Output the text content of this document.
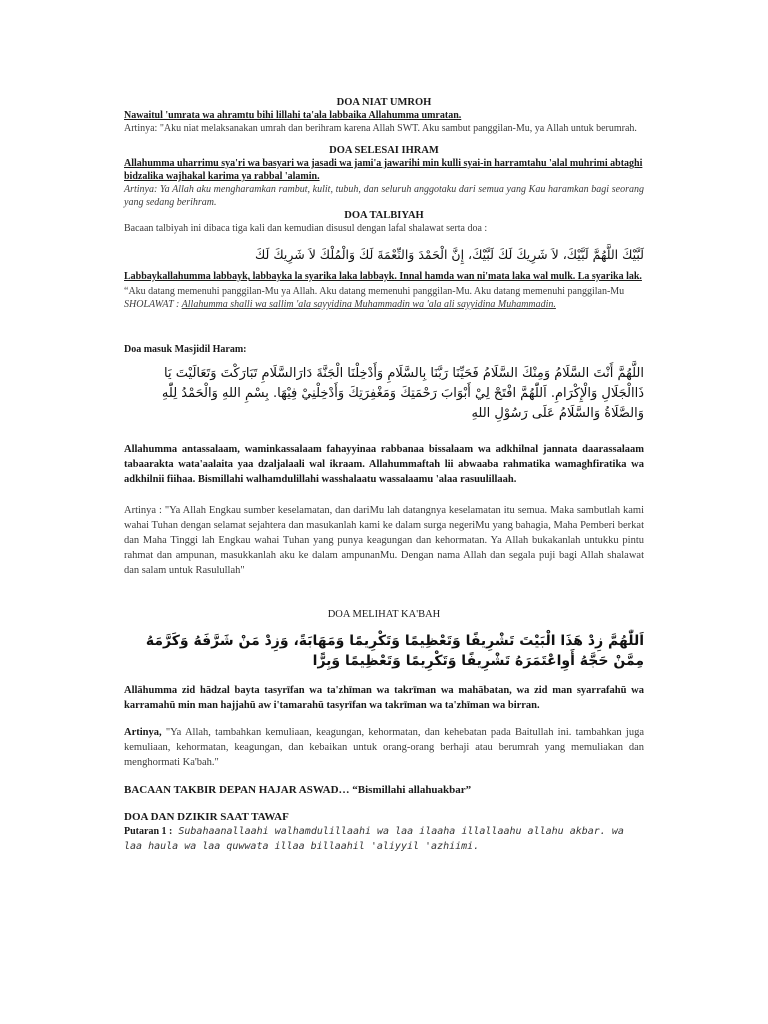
DOA NIAT UMROH

Nawaitul 'umrata wa ahramtu bihi lillahi ta'ala labbaika Allahumma umratan.

Artinya: "Aku niat melaksanakan umrah dan berihram karena Allah SWT. Aku sambut panggilan-Mu, ya Allah untuk berumrah.

DOA SELESAI IHRAM

Allahumma uharrimu sya'ri wa basyari wa jasadi wa jami'a jawarihi min kulli syai-in harramtahu 'alal muhrimi abtaghi bidzalika wajhakal karima ya rabbal 'alamin.

Artinya: Ya Allah aku mengharamkan rambut, kulit, tubuh, dan seluruh anggotaku dari semua yang Kau haramkan bagi seorang yang sedang berihram.

DOA TALBIYAH

Bacaan talbiyah ini dibaca tiga kali dan kemudian disusul dengan lafal shalawat serta doa :

لَبَّيْكَ اللَّهُمَّ لَبَّيْكَ، لاَ شَرِيكَ لَكَ لَبَّيْكَ، إِنَّ الْحَمْدَ وَالنِّعْمَةَ لَكَ وَالْمُلْكَ لاَ شَرِيكَ لَكَ

Labbaykallahumma labbayk, labbayka la syarika laka labbayk. Innal hamda wan ni'mata laka wal mulk. La syarika lak.

“Aku datang memenuhi panggilan-Mu ya Allah. Aku datang memenuhi panggilan-Mu. Aku datang memenuhi panggilan-Mu

SHOLAWAT : Allahumma shalli wa sallim 'ala sayyidina Muhammadin wa 'ala ali sayyidina Muhammadin.

Doa masuk Masjidil Haram:

اللَّهُمَّ أَنْتَ السَّلَامُ وَمِنْكَ السَّلَامُ فَحَيِّنَا رَبَّنَا بِالسَّلَامِ وَأَدْخِلْنَا الْجَنَّةَ دَارَالسَّلَامِ تَبَارَكْتَ وَتَعَالَيْتَ يَا ذَاالْجَلَالِ وَالْإِكْرَامِ. اَللّٰهُمَّ افْتَحْ لِيْ أَبْوَابَ رَحْمَتِكَ وَمَغْفِرَتِكَ وَأَدْخِلْنِيْ فِيْهَا. بِسْمِ اللهِ وَالْحَمْدُ لِلّٰهِ وَالصَّلَاةُ وَالسَّلَامُ عَلَى رَسُوْلِ اللهِ

Allahumma antassalaam, waminkassalaam fahayyinaa rabbanaa bissalaam wa adkhilnal jannata daarassalaam tabaarakta wata'aalaita yaa dzaljalaali wal ikraam. Allahummaftah lii abwaaba rahmatika wamaghfiratika wa adkhilnii fiihaa. Bismillahi walhamdulillahi wasshalaatu wassalaamu 'alaa rasuulillaah.

Artinya : "Ya Allah Engkau sumber keselamatan, dan dariMu lah datangnya keselamatan itu semua. Maka sambutlah kami wahai Tuhan dengan selamat sejahtera dan masukanlah kami ke dalam surga negeriMu yang bahagia, Maha Pemberi berkat dan Maha Tinggi lah Engkau wahai Tuhan yang punya keagungan dan kehormatan. Ya Allah bukakanlah untukku pintu rahmat dan ampunan, masukkanlah aku ke dalam ampunanMu. Dengan nama Allah dan segala puji bagi Allah shalawat dan salam untuk Rasulullah"

DOA MELIHAT KA'BAH

اَللّٰهُمَّ زِدْ هَذَا الْبَيْتَ تَشْرِيفًا وَتَعْظِيمًا وَتَكْرِيمًا وَمَهَابَةً، وَزِدْ مَنْ شَرَّفَهُ وَكَرَّمَهُ مِمَّنْ حَجَّهُ أَوِاعْتَمَرَهُ تَشْرِيفًا وَتَكْرِيمًا وَتَعْظِيمًا وَبِرًّا

Allāhumma zid hādzal bayta tasyrīfan wa ta'zhīman wa takrīman wa mahābatan, wa zid man syarrafahū wa karramahū min man hajjahū aw i'tamarahū tasyrīfan wa takrīman wa ta'zhīman wa birran.

Artinya, "Ya Allah, tambahkan kemuliaan, keagungan, kehormatan, dan kehebatan pada Baitullah ini. tambahkan juga kemuliaan, kehormatan, keagungan, dan kebaikan untuk orang-orang berhaji atau berumrah yang memuliakan dan menghormati Ka'bah."

BACAAN TAKBIR DEPAN HAJAR ASWAD… “Bismillahi allahuakbar”

DOA DAN DZIKIR SAAT TAWAF

Putaran 1 : Subahaanallaahi walhamdulillaahi wa laa ilaaha illallaahu allahu akbar. wa laa haula wa laa quwwata illaa billaahil 'aliyyil 'azhiimi.
